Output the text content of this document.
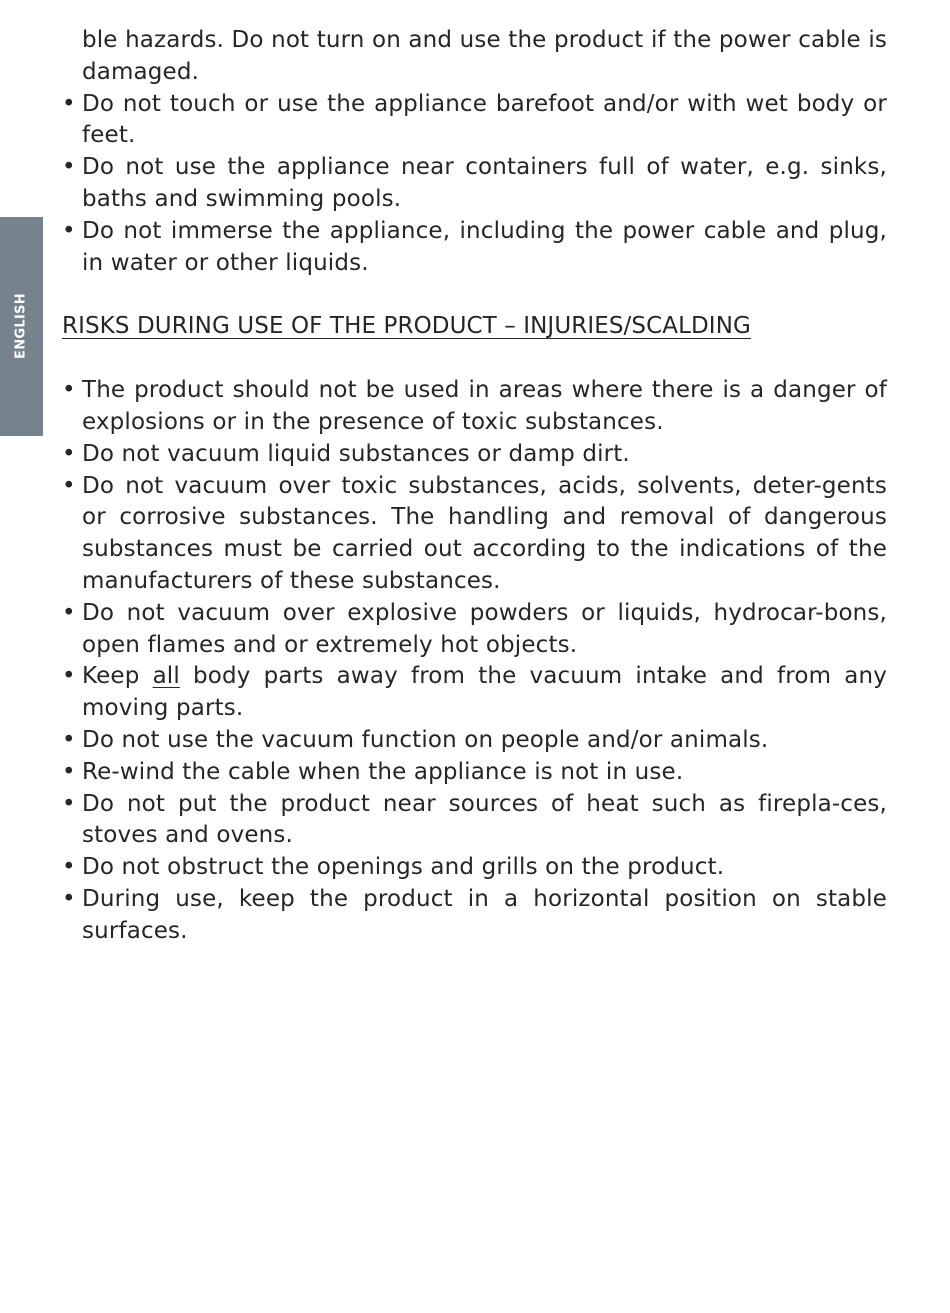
ENGLISH

ble hazards. Do not turn on and use the product if the power cable is damaged.

• Do not touch or use the appliance barefoot and/or with wet body or feet.
• Do not use the appliance near containers full of water, e.g. sinks, baths and swimming pools.
• Do not immerse the appliance, including the power cable and plug, in water or other liquids.
RISKS DURING USE OF THE PRODUCT – INJURIES/SCALDING
• The product should not be used in areas where there is a danger of explosions or in the presence of toxic substances.
• Do not vacuum liquid substances or damp dirt.
• Do not vacuum over toxic substances, acids, solvents, deter-gents or corrosive substances. The handling and removal of dangerous substances must be carried out according to the indications of the manufacturers of these substances.
• Do not vacuum over explosive powders or liquids, hydrocar-bons, open flames and or extremely hot objects.
• Keep all body parts away from the vacuum intake and from any moving parts.
• Do not use the vacuum function on people and/or animals.
• Re-wind the cable when the appliance is not in use.
• Do not put the product near sources of heat such as firepla-ces, stoves and ovens.
• Do not obstruct the openings and grills on the product.
• During use, keep the product in a horizontal position on stable surfaces.
